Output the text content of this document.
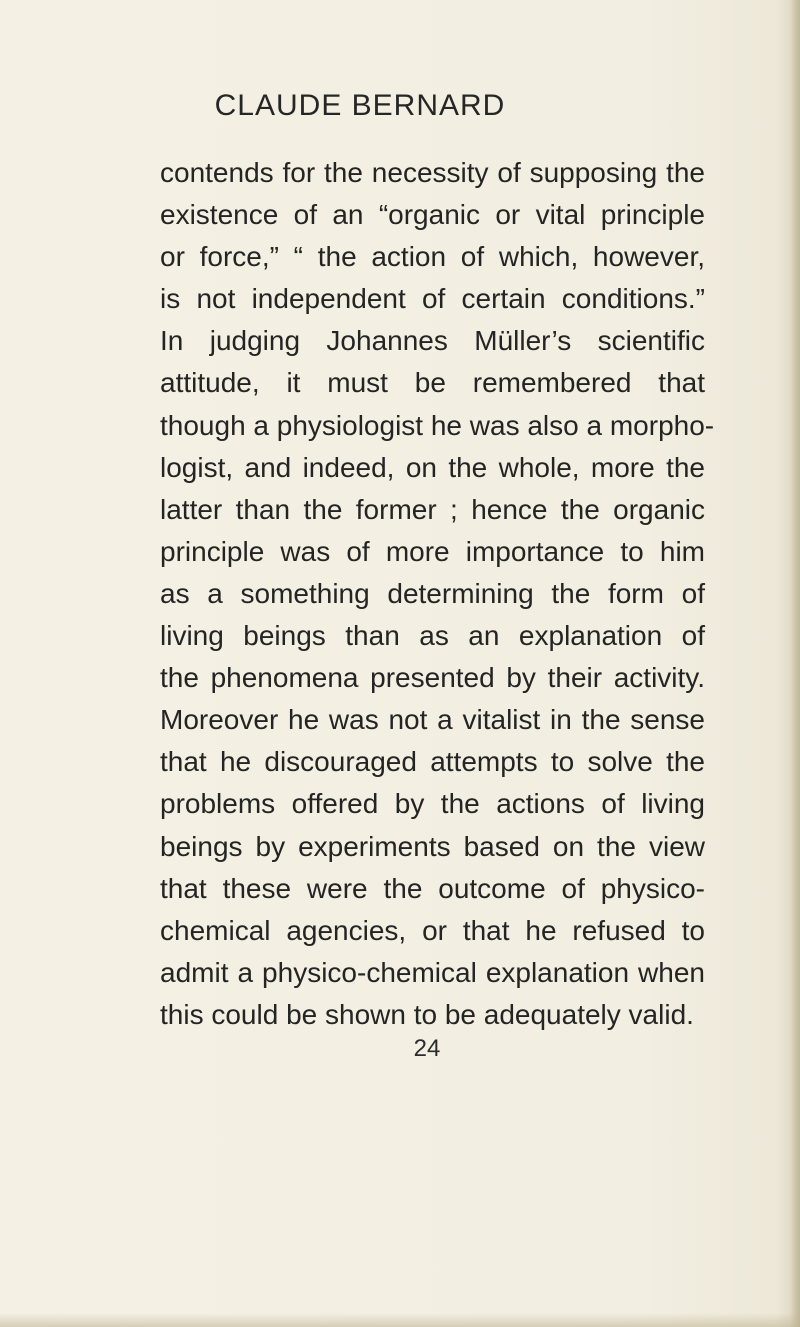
CLAUDE BERNARD
contends for the necessity of supposing the
existence of an “organic or vital principle
or force,” “ the action of which, however,
is not independent of certain conditions.”
In judging Johannes Müller’s scientific
attitude, it must be remembered that
though a physiologist he was also a morpho-
logist, and indeed, on the whole, more the
latter than the former ; hence the organic
principle was of more importance to him
as a something determining the form of
living beings than as an explanation of
the phenomena presented by their activity.
Moreover he was not a vitalist in the sense
that he discouraged attempts to solve the
problems offered by the actions of living
beings by experiments based on the view
that these were the outcome of physico-
chemical agencies, or that he refused to
admit a physico-chemical explanation when
this could be shown to be adequately valid.
24
